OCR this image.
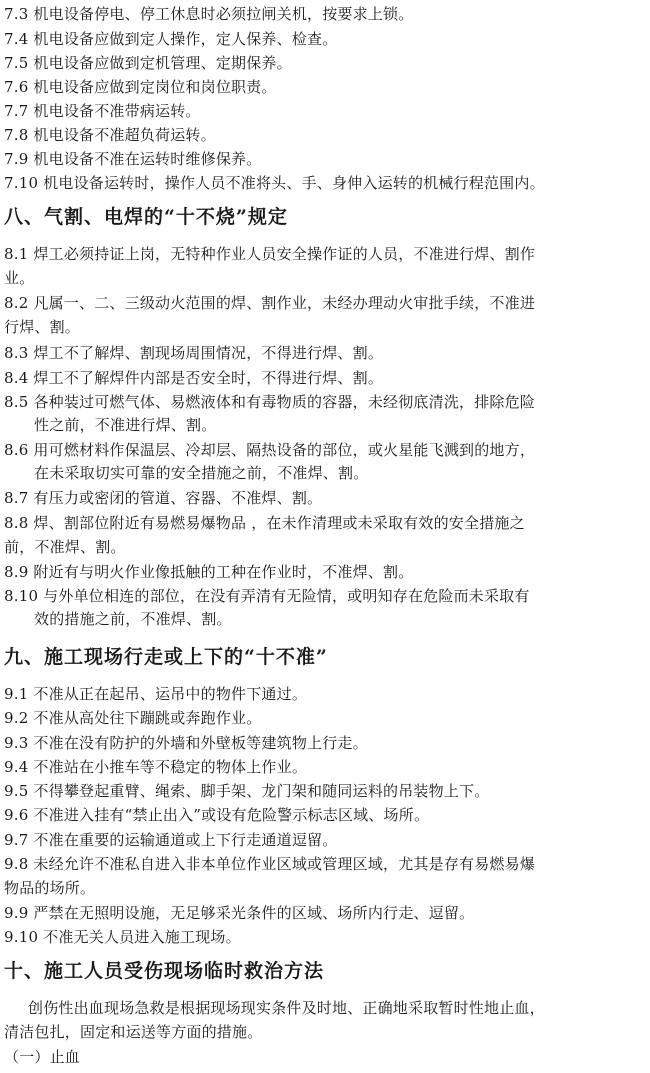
7.3 机电设备停电、停工休息时必须拉闸关机，按要求上锁。
7.4 机电设备应做到定人操作，定人保养、检查。
7.5 机电设备应做到定机管理、定期保养。
7.6 机电设备应做到定岗位和岗位职责。
7.7 机电设备不准带病运转。
7.8 机电设备不准超负荷运转。
7.9 机电设备不准在运转时维修保养。
7.10 机电设备运转时，操作人员不准将头、手、身伸入运转的机械行程范围内。
八、气割、电焊的“十不烧”规定
8.1 焊工必须持证上岗，无特种作业人员安全操作证的人员，不准进行焊、割作
业。
8.2 凡属一、二、三级动火范围的焊、割作业，未经办理动火审批手续，不准进
行焊、割。
8.3 焊工不了解焊、割现场周围情况，不得进行焊、割。
8.4 焊工不了解焊件内部是否安全时，不得进行焊、割。
8.5 各种装过可燃气体、易燃液体和有毒物质的容器，未经彻底清洗，排除危险
性之前，不准进行焊、割。
8.6 用可燃材料作保温层、冷却层、隔热设备的部位，或火星能飞溅到的地方，
在未采取切实可靠的安全措施之前，不准焊、割。
8.7 有压力或密闭的管道、容器、不准焊、割。
8.8 焊、割部位附近有易燃易爆物品 ，在未作清理或未采取有效的安全措施之
前，不准焊、割。
8.9 附近有与明火作业像抵触的工种在作业时，不准焊、割。
8.10 与外单位相连的部位，在没有弄清有无险情，或明知存在危险而未采取有
效的措施之前，不准焊、割。
九、施工现场行走或上下的“十不准”
9.1 不准从正在起吊、运吊中的物件下通过。
9.2 不准从高处往下蹦跳或奔跑作业。
9.3 不准在没有防护的外墙和外壁板等建筑物上行走。
9.4 不准站在小推车等不稳定的物体上作业。
9.5 不得攀登起重臂、绳索、脚手架、龙门架和随同运料的吊装物上下。
9.6 不准进入挂有“禁止出入”或设有危险警示标志区域、场所。
9.7 不准在重要的运输通道或上下行走通道逗留。
9.8 未经允许不准私自进入非本单位作业区域或管理区域，尤其是存有易燃易爆
物品的场所。
9.9 严禁在无照明设施，无足够采光条件的区域、场所内行走、逗留。
9.10 不准无关人员进入施工现场。
十、施工人员受伤现场临时救治方法
创伤性出血现场急救是根据现场现实条件及时地、正确地采取暂时性地止血，
清洁包扎，固定和运送等方面的措施。
（一）止血
